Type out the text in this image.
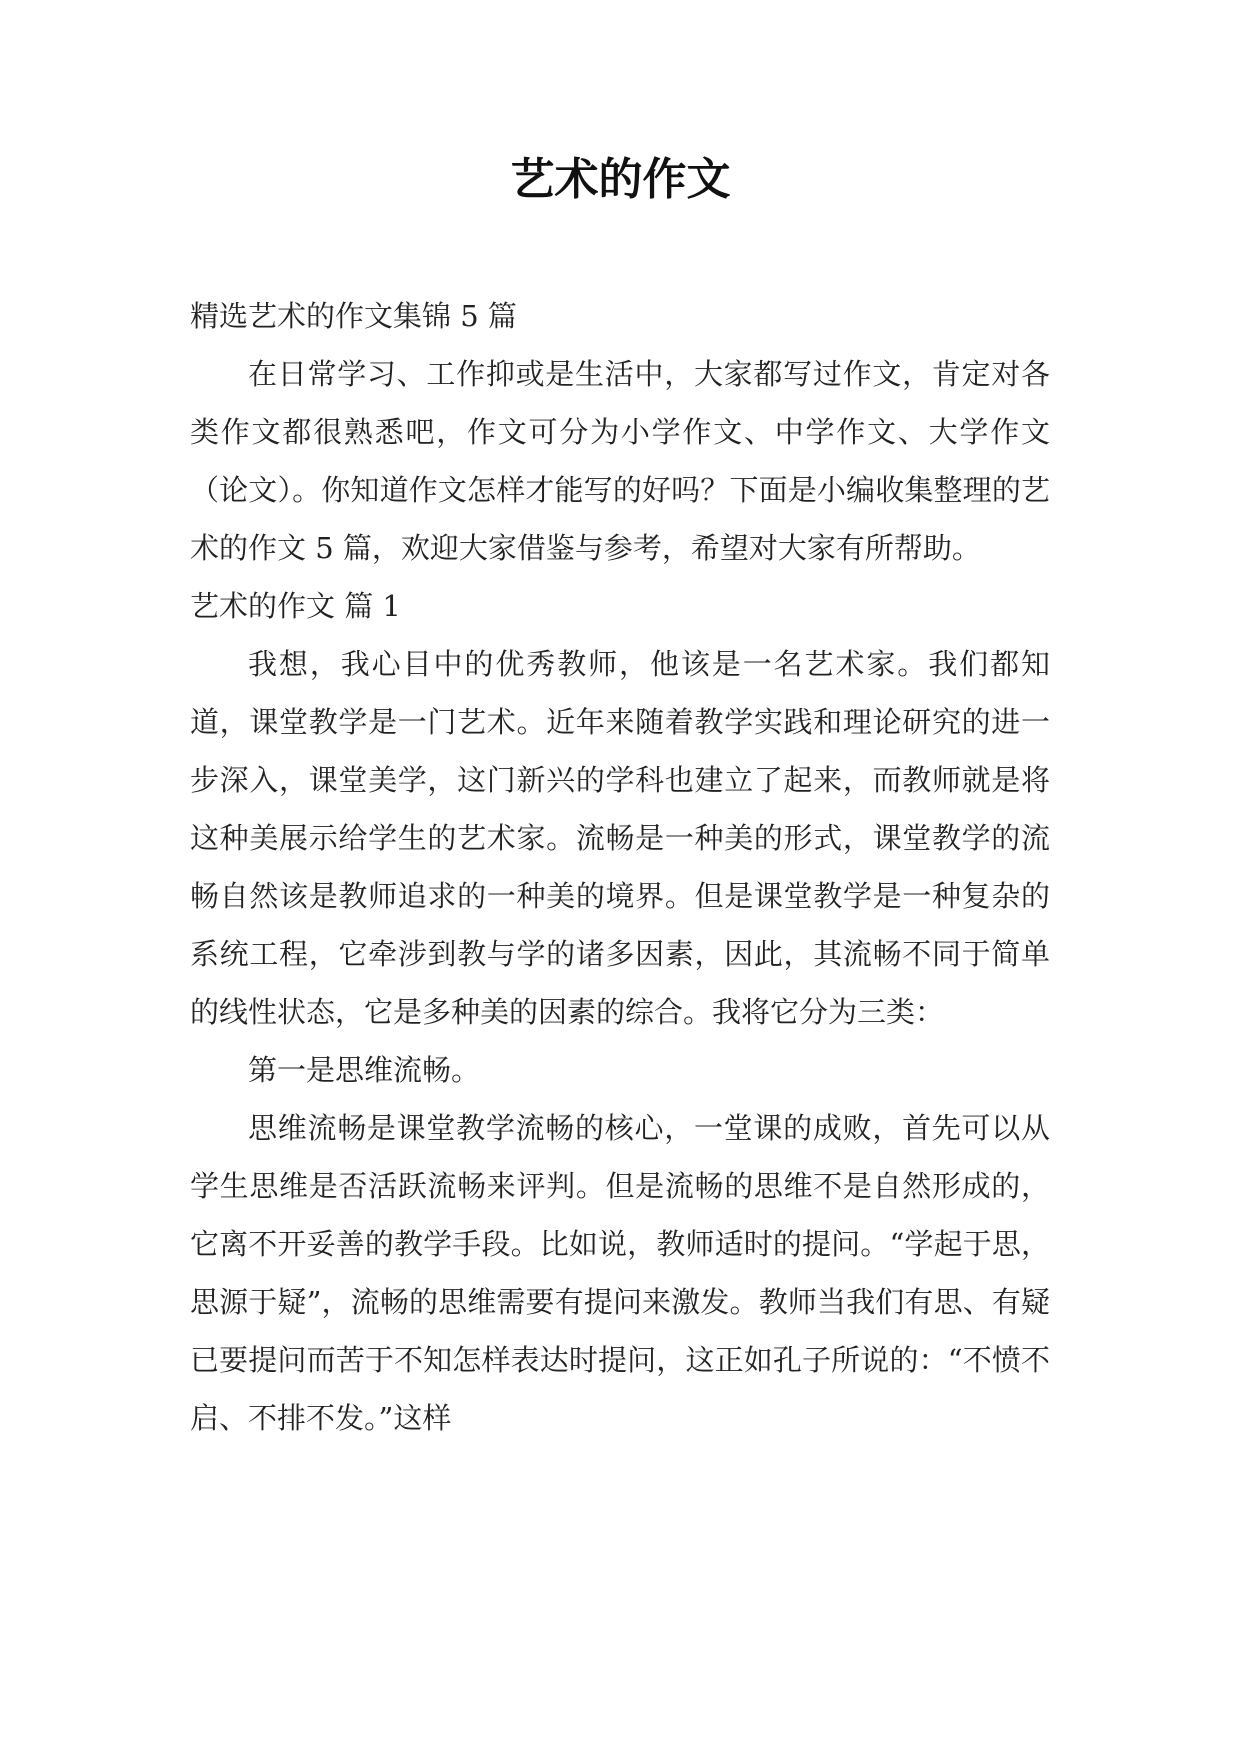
艺术的作文

精选艺术的作文集锦 5 篇

在日常学习、工作抑或是生活中，大家都写过作文，肯定对各类作文都很熟悉吧，作文可分为小学作文、中学作文、大学作文（论文）。你知道作文怎样才能写的好吗？下面是小编收集整理的艺术的作文 5 篇，欢迎大家借鉴与参考，希望对大家有所帮助。

艺术的作文 篇 1

我想，我心目中的优秀教师，他该是一名艺术家。我们都知道，课堂教学是一门艺术。近年来随着教学实践和理论研究的进一步深入，课堂美学，这门新兴的学科也建立了起来，而教师就是将这种美展示给学生的艺术家。流畅是一种美的形式，课堂教学的流畅自然该是教师追求的一种美的境界。但是课堂教学是一种复杂的系统工程，它牵涉到教与学的诸多因素，因此，其流畅不同于简单的线性状态，它是多种美的因素的综合。我将它分为三类：

第一是思维流畅。

思维流畅是课堂教学流畅的核心，一堂课的成败，首先可以从学生思维是否活跃流畅来评判。但是流畅的思维不是自然形成的，它离不开妥善的教学手段。比如说，教师适时的提问。“学起于思，思源于疑”，流畅的思维需要有提问来激发。教师当我们有思、有疑已要提问而苦于不知怎样表达时提问，这正如孔子所说的：“不愤不启、不排不发。”这样
